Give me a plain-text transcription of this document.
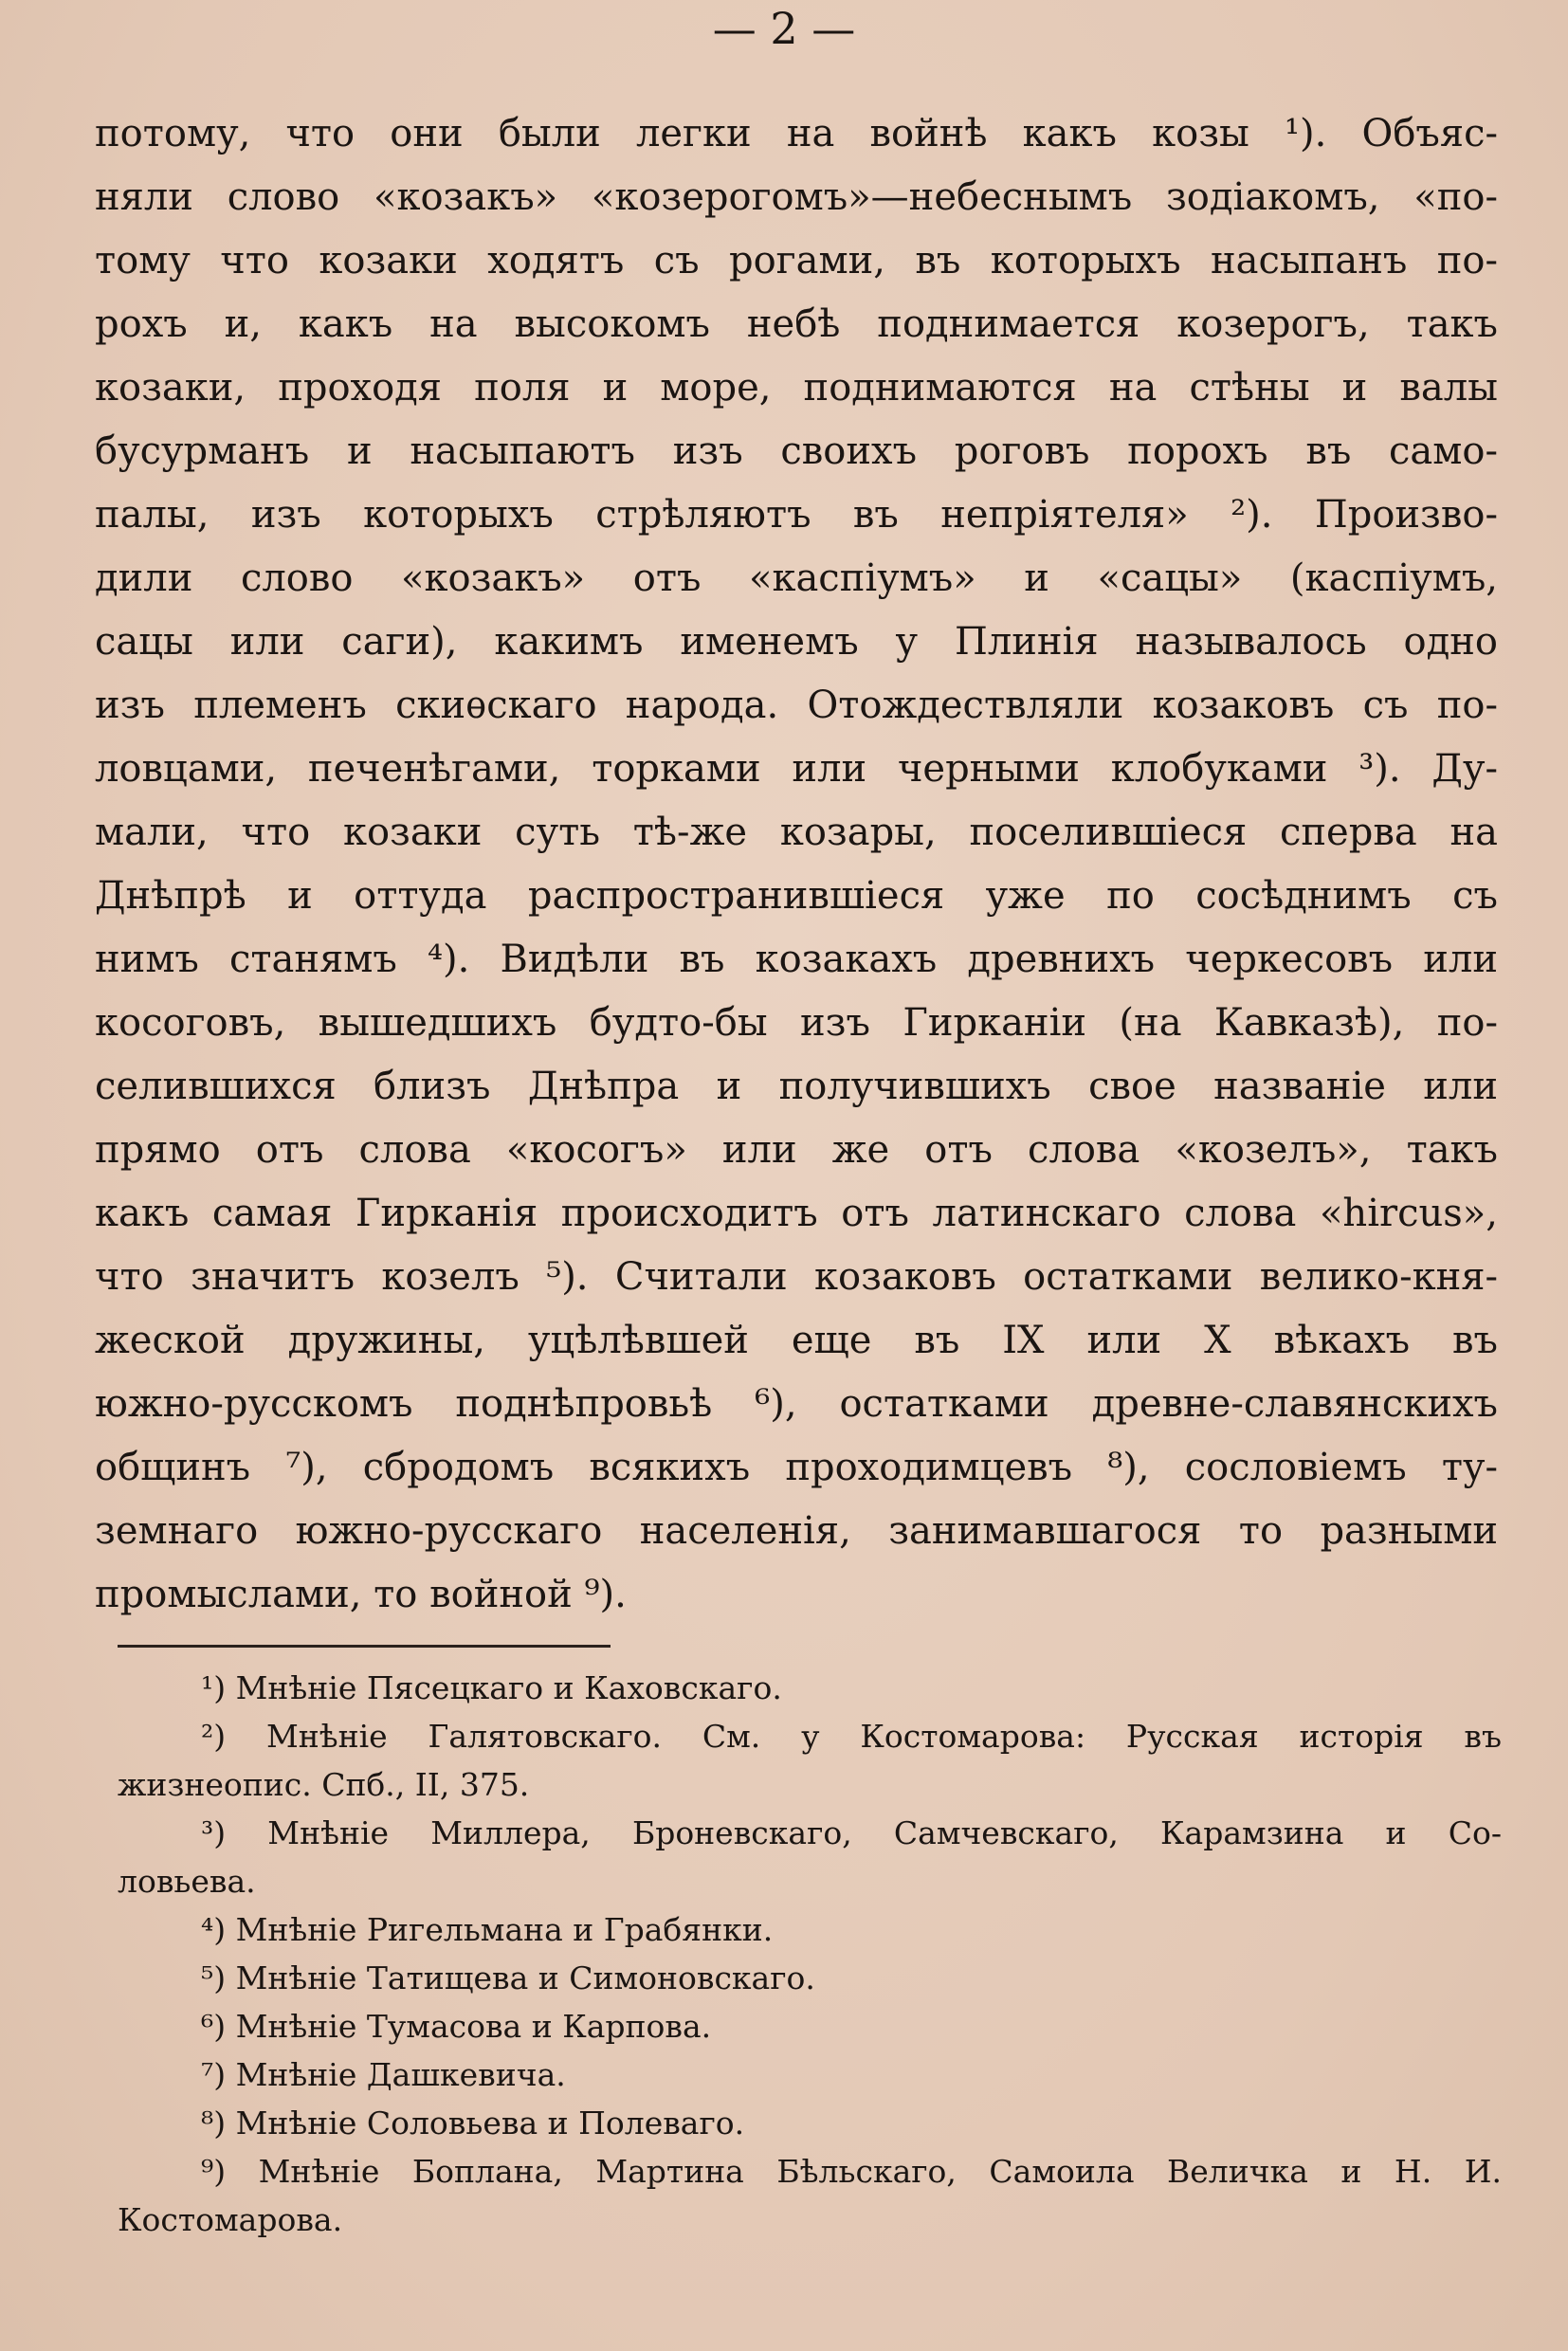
— 2 —
потому, что они были легки на войнѣ какъ козы ¹). Объяс-
няли слово «козакъ» «козерогомъ»—небеснымъ зодiакомъ, «по-
тому что козаки ходятъ съ рогами, въ которыхъ насыпанъ по-
рохъ и, какъ на высокомъ небѣ поднимается козерогъ, такъ
козаки, проходя поля и море, поднимаются на стѣны и валы
бусурманъ и насыпаютъ изъ своихъ роговъ порохъ въ само-
палы, изъ которыхъ стрѣляютъ въ непрiятеля» ²). Произво-
дили слово «козакъ» отъ «каспiумъ» и «сацы» (каспiумъ,
сацы или саги), какимъ именемъ у Плинiя называлось одно
изъ племенъ скиѳскаго народа. Отождествляли козаковъ съ по-
ловцами, печенѣгами, торками или черными клобуками ³). Ду-
мали, что козаки суть тѣ-же козары, поселившiеся сперва на
Днѣпрѣ и оттуда распространившiеся уже по сосѣднимъ съ
нимъ станямъ ⁴). Видѣли въ козакахъ древнихъ черкесовъ или
косоговъ, вышедшихъ будто-бы изъ Гирканiи (на Кавказѣ), по-
селившихся близъ Днѣпра и получившихъ свое названiе или
прямо отъ слова «косогъ» или же отъ слова «козелъ», такъ
какъ самая Гирканiя происходитъ отъ латинскаго слова «hircus»,
что значитъ козелъ ⁵). Считали козаковъ остатками велико-кня-
жеской дружины, уцѣлѣвшей еще въ IX или X вѣкахъ въ
южно-русскомъ поднѣпровьѣ ⁶), остатками древне-славянскихъ
общинъ ⁷), сбродомъ всякихъ проходимцевъ ⁸), сословiемъ ту-
земнаго южно-русскаго населенiя, занимавшагося то разными
промыслами, то войной ⁹).
¹) Мнѣнiе Пясецкаго и Каховскаго.
²) Мнѣнiе Галятовскаго. См. у Костомарова: Русская исторiя въ
жизнеопис. Спб., II, 375.
³) Мнѣнiе Миллера, Броневскаго, Самчевскаго, Карамзина и Со-
ловьева.
⁴) Мнѣнiе Ригельмана и Грабянки.
⁵) Мнѣнiе Татищева и Симоновскаго.
⁶) Мнѣнiе Тумасова и Карпова.
⁷) Мнѣнiе Дашкевича.
⁸) Мнѣнiе Соловьева и Полеваго.
⁹) Мнѣнiе Боплана, Мартина Бѣльскаго, Самоила Величка и Н. И.
Костомарова.
